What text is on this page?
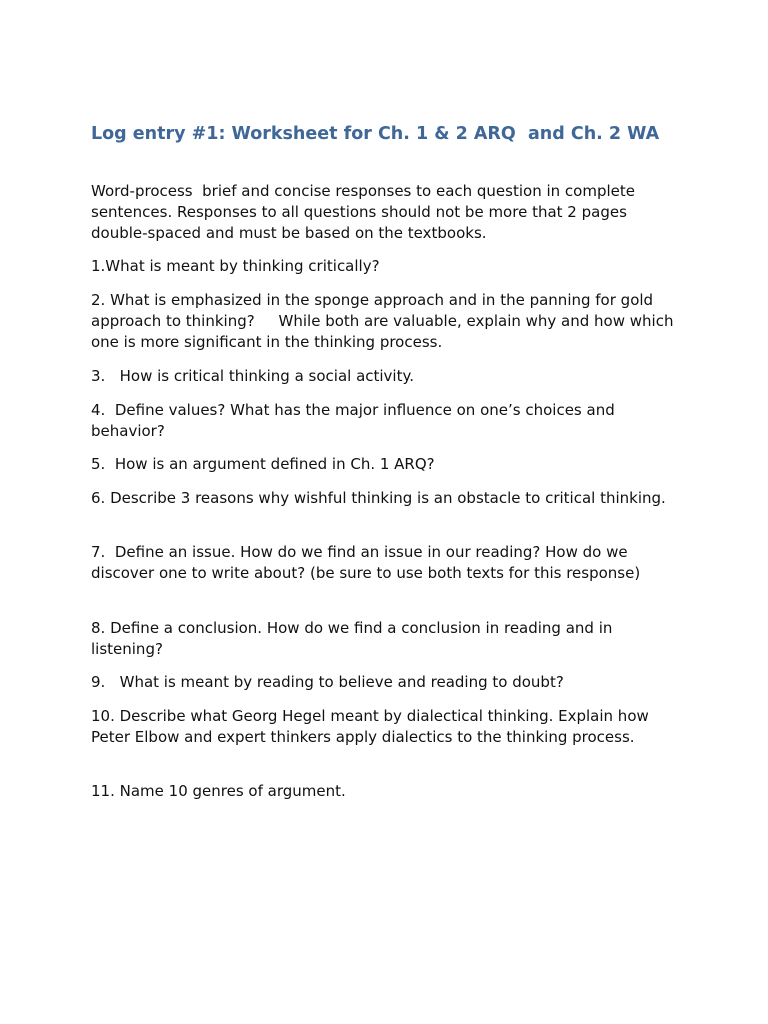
Log entry #1: Worksheet for Ch. 1 & 2 ARQ  and Ch. 2 WA

Word-process  brief and concise responses to each question in complete sentences. Responses to all questions should not be more that 2 pages double-spaced and must be based on the textbooks.

1.What is meant by thinking critically?

2. What is emphasized in the sponge approach and in the panning for gold approach to thinking?     While both are valuable, explain why and how which one is more significant in the thinking process.

3.   How is critical thinking a social activity.

4.  Define values? What has the major influence on one’s choices and behavior?

5.  How is an argument defined in Ch. 1 ARQ?

6. Describe 3 reasons why wishful thinking is an obstacle to critical thinking.

7.  Define an issue. How do we find an issue in our reading? How do we discover one to write about? (be sure to use both texts for this response)

8. Define a conclusion. How do we find a conclusion in reading and in listening?

9.   What is meant by reading to believe and reading to doubt?

10. Describe what Georg Hegel meant by dialectical thinking. Explain how Peter Elbow and expert thinkers apply dialectics to the thinking process.

11. Name 10 genres of argument.
